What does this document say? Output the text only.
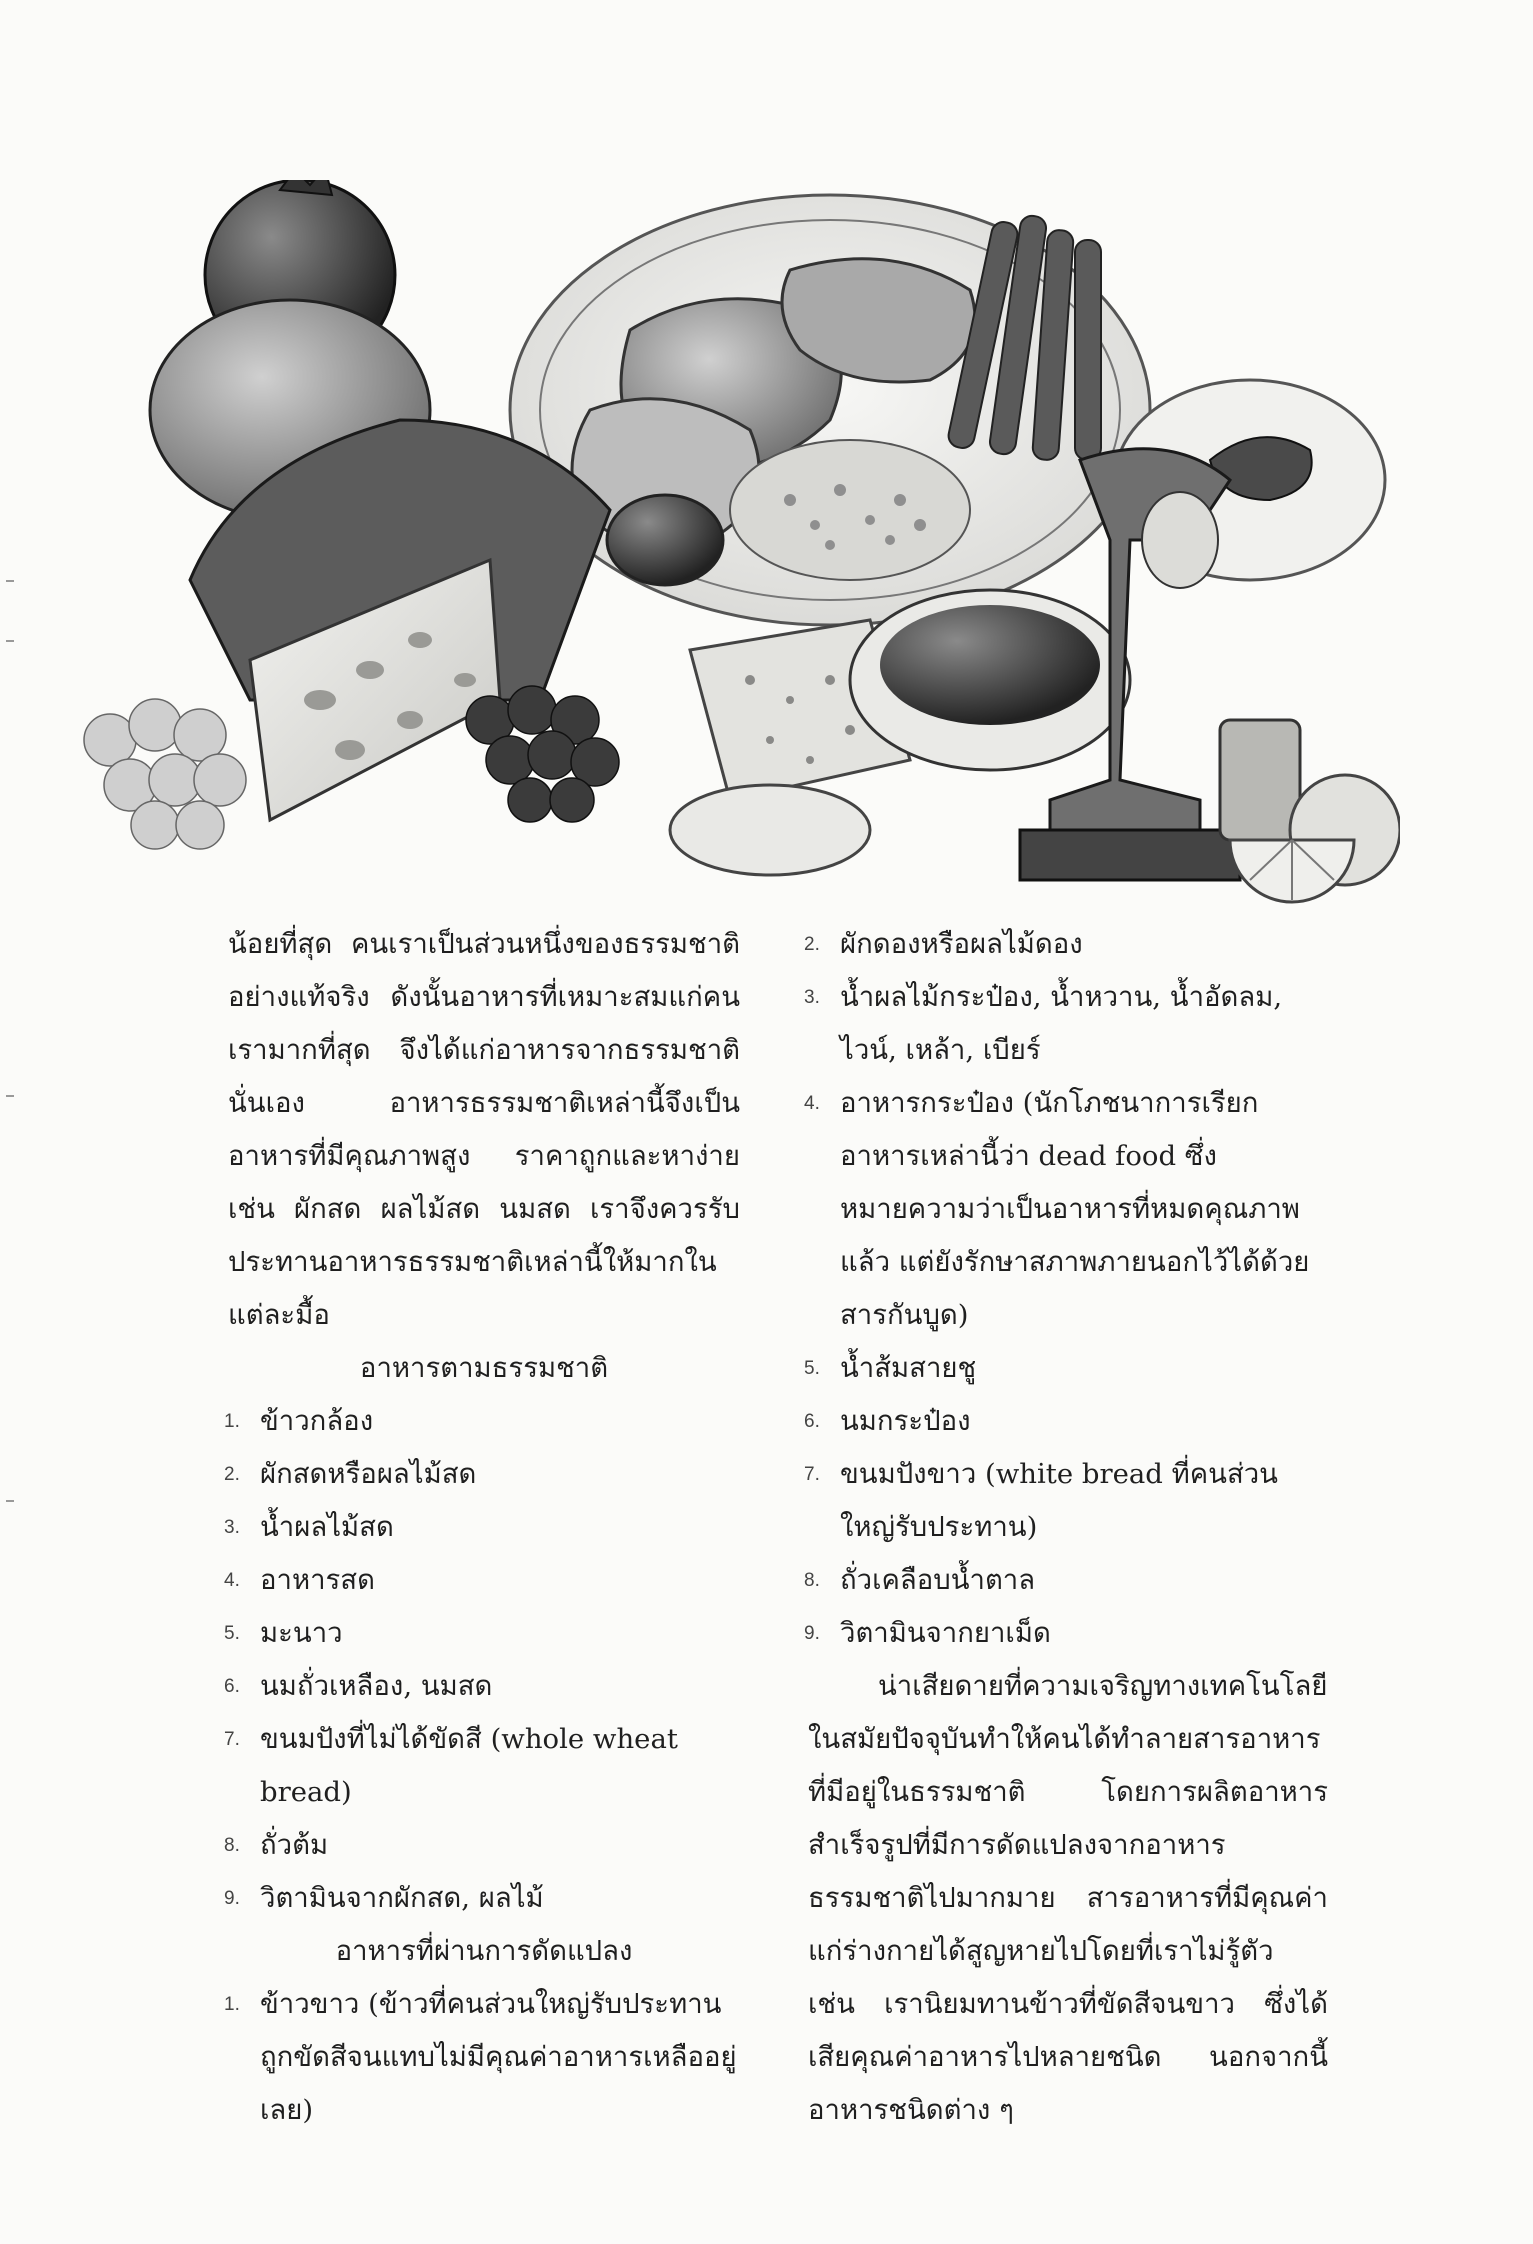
น้อยที่สุด คนเราเป็นส่วนหนึ่งของธรรมชาติอย่างแท้จริง ดังนั้นอาหารที่เหมาะสมแก่คนเรามากที่สุด จึงได้แก่อาหารจากธรรมชาตินั่นเอง อาหารธรรมชาติเหล่านี้จึงเป็นอาหารที่มีคุณภาพสูง ราคาถูกและหาง่าย เช่น ผักสด ผลไม้สด นมสด เราจึงควรรับประทานอาหารธรรมชาติเหล่านี้ให้มากในแต่ละมื้อ

อาหารตามธรรมชาติ

1. ข้าวกล้อง
2. ผักสดหรือผลไม้สด
3. น้ำผลไม้สด
4. อาหารสด
5. มะนาว
6. นมถั่วเหลือง, นมสด
7. ขนมปังที่ไม่ได้ขัดสี (whole wheat bread)
8. ถั่วต้ม
9. วิตามินจากผักสด, ผลไม้

อาหารที่ผ่านการดัดแปลง

1. ข้าวขาว (ข้าวที่คนส่วนใหญ่รับประทาน ถูกขัดสีจนแทบไม่มีคุณค่าอาหารเหลืออยู่เลย)
2. ผักดองหรือผลไม้ดอง
3. น้ำผลไม้กระป๋อง, น้ำหวาน, น้ำอัดลม, ไวน์, เหล้า, เบียร์
4. อาหารกระป๋อง (นักโภชนาการเรียกอาหารเหล่านี้ว่า dead food ซึ่งหมายความว่าเป็นอาหารที่หมดคุณภาพแล้ว แต่ยังรักษาสภาพภายนอกไว้ได้ด้วยสารกันบูด)
5. น้ำส้มสายชู
6. นมกระป๋อง
7. ขนมปังขาว (white bread ที่คนส่วนใหญ่รับประทาน)
8. ถั่วเคลือบน้ำตาล
9. วิตามินจากยาเม็ด

น่าเสียดายที่ความเจริญทางเทคโนโลยีในสมัยปัจจุบันทำให้คนได้ทำลายสารอาหารที่มีอยู่ในธรรมชาติ โดยการผลิตอาหารสำเร็จรูปที่มีการดัดแปลงจากอาหารธรรมชาติไปมากมาย สารอาหารที่มีคุณค่าแก่ร่างกายได้สูญหายไปโดยที่เราไม่รู้ตัว เช่น เรานิยมทานข้าวที่ขัดสีจนขาว ซึ่งได้เสียคุณค่าอาหารไปหลายชนิด นอกจากนี้อาหารชนิดต่าง ๆ
